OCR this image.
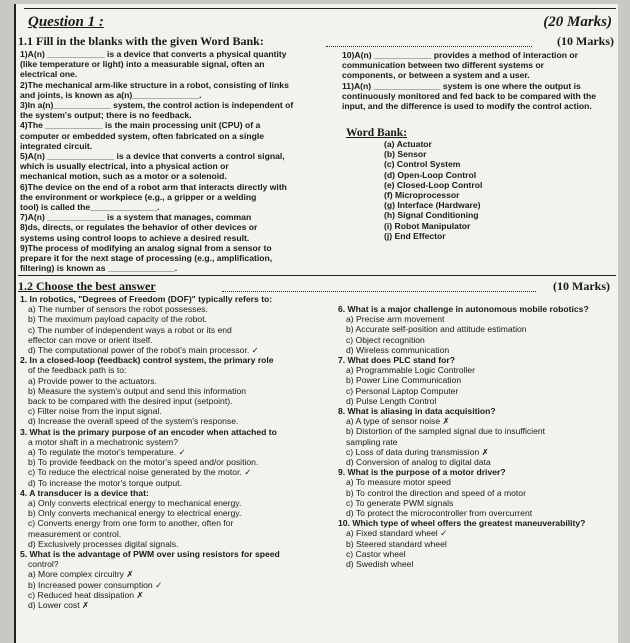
Question 1 :	(20 Marks)
1.1 Fill in the blanks with the given Word Bank:	(10 Marks)
1)A(n) ____________ is a device that converts a physical quantity
(like temperature or light) into a measurable signal, often an
electrical one.
2)The mechanical arm-like structure in a robot, consisting of links
and joints, is known as a(n)______________.
3)In a(n)____________ system, the control action is independent of
the system's output; there is no feedback.
4)The ____________ is the main processing unit (CPU) of a
computer or embedded system, often fabricated on a single
integrated circuit.
5)A(n) ______________ is a device that converts a control signal,
which is usually electrical, into a physical action or
mechanical motion, such as a motor or a solenoid.
6)The device on the end of a robot arm that interacts directly with
the environment or workpiece (e.g., a gripper or a welding
tool) is called the______________.
7)A(n) ____________ is a system that manages, comman
8)ds, directs, or regulates the behavior of other devices or
systems using control loops to achieve a desired result.
9)The process of modifying an analog signal from a sensor to
prepare it for the next stage of processing (e.g., amplification,
filtering) is known as ______________.
10)A(n) ____________ provides a method of interaction or
communication between two different systems or
components, or between a system and a user.
11)A(n) ______________ system is one where the output is
continuously monitored and fed back to be compared with the
input, and the difference is used to modify the control action.
Word Bank:
(a) Actuator
(b) Sensor
(c) Control System
(d) Open-Loop Control
(e) Closed-Loop Control
(f) Microprocessor
(g) Interface (Hardware)
(h) Signal Conditioning
(i) Robot Manipulator
(j) End Effector
1.2 Choose the best answer	(10 Marks)
1. In robotics, "Degrees of Freedom (DOF)" typically refers to:
a) The number of sensors the robot possesses.
b) The maximum payload capacity of the robot.
c) The number of independent ways a robot or its end
effector can move or orient itself.
d) The computational power of the robot's main processor. ✓
2. In a closed-loop (feedback) control system, the primary role
of the feedback path is to:
a) Provide power to the actuators.
b) Measure the system's output and send this information
back to be compared with the desired input (setpoint).
c) Filter noise from the input signal.
d) Increase the overall speed of the system's response.
3. What is the primary purpose of an encoder when attached to
a motor shaft in a mechatronic system?
a) To regulate the motor's temperature. ✓
b) To provide feedback on the motor's speed and/or position.
c) To reduce the electrical noise generated by the motor. ✓
d) To increase the motor's torque output.
4. A transducer is a device that:
a) Only converts electrical energy to mechanical energy.
b) Only converts mechanical energy to electrical energy.
c) Converts energy from one form to another, often for
measurement or control.
d) Exclusively processes digital signals.
5. What is the advantage of PWM over using resistors for speed
control?
a) More complex circuitry ✗
b) Increased power consumption ✓
c) Reduced heat dissipation ✗
d) Lower cost ✗
6. What is a major challenge in autonomous mobile robotics?
a) Precise arm movement
b) Accurate self-position and attitude estimation
c) Object recognition
d) Wireless communication
7. What does PLC stand for?
a) Programmable Logic Controller
b) Power Line Communication
c) Personal Laptop Computer
d) Pulse Length Control
8. What is aliasing in data acquisition?
a) A type of sensor noise ✗
b) Distortion of the sampled signal due to insufficient
sampling rate
c) Loss of data during transmission ✗
d) Conversion of analog to digital data
9. What is the purpose of a motor driver?
a) To measure motor speed
b) To control the direction and speed of a motor
c) To generate PWM signals
d) To protect the microcontroller from overcurrent
10. Which type of wheel offers the greatest maneuverability?
a) Fixed standard wheel ✓
b) Steered standard wheel
c) Castor wheel
d) Swedish wheel
